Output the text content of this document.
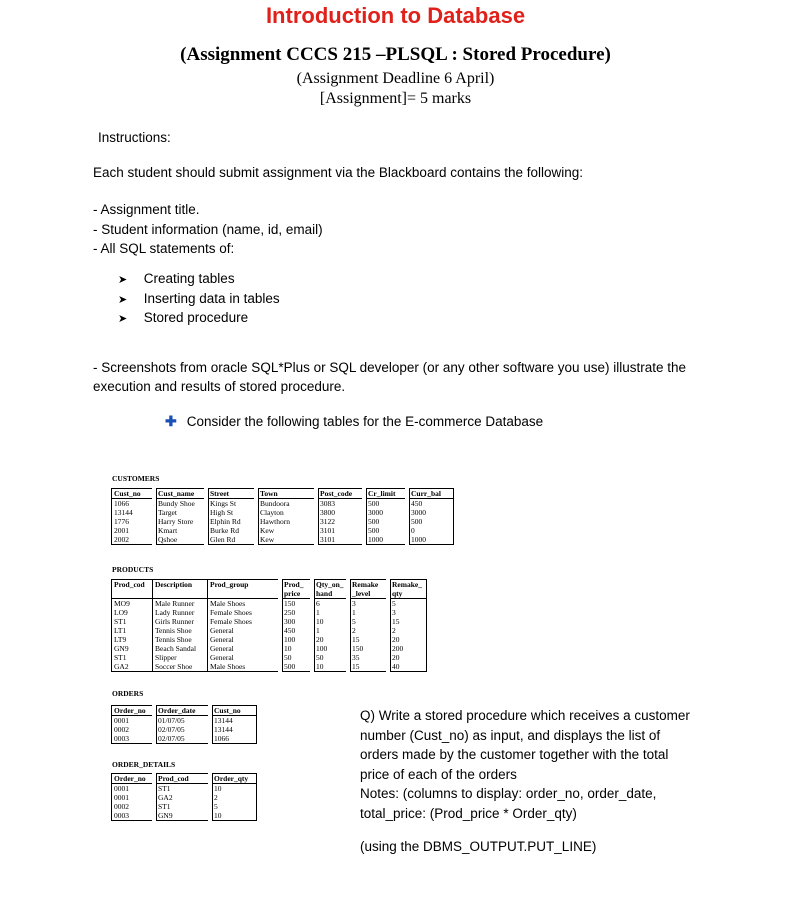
Introduction to Database
(Assignment CCCS 215 –PLSQL : Stored Procedure)
(Assignment Deadline 6 April)
[Assignment]= 5 marks
Instructions:
Each student should submit assignment via the Blackboard contains the following:
- Assignment title.
- Student information (name, id, email)
- All SQL statements of:
➤ Creating tables
➤ Inserting data in tables
➤ Stored procedure
- Screenshots from oracle SQL*Plus or SQL developer (or any other software you use) illustrate the
execution and results of stored procedure.
✚ Consider the following tables for the E-commerce Database
CUSTOMERS
Cust_no	Cust_name	Street	Town	Post_code	Cr_limit	Curr_bal
1066	Bundy Shoe	Kings St	Bundoora	3083	500	450
13144	Target	High St	Clayton	3800	3000	3000
1776	Harry Store	Elphin Rd	Hawthorn	3122	500	500
2001	Kmart	Burke Rd	Kew	3101	500	0
2002	Qshoe	Glen Rd	Kew	3101	1000	1000
PRODUCTS
Prod_cod	Description	Prod_group	Prod_ price	Qty_on_ hand	Remake _level	Remake_ qty
MO9	Male Runner	Male Shoes	150	6	3	5
LO9	Lady Runner	Female Shoes	250	1	1	3
ST1	Girls Runner	Female Shoes	300	10	5	15
LT1	Tennis Shoe	General	450	1	2	2
LT9	Tennis Shoe	General	100	20	15	20
GN9	Beach Sandal	General	10	100	150	200
ST1	Slipper	General	50	50	35	20
GA2	Soccer Shoe	Male Shoes	500	10	15	40
ORDERS
Order_no	Order_date	Cust_no
0001	01/07/05	13144
0002	02/07/05	13144
0003	02/07/05	1066
ORDER_DETAILS
Order_no	Prod_cod	Order_qty
0001	ST1	10
0001	GA2	2
0002	ST1	5
0003	GN9	10

Q) Write a stored procedure which receives a customer

number (Cust_no) as input, and displays the list of

orders made by the customer together with the total

price of each of the orders

Notes: (columns to display: order_no, order_date,

total_price: (Prod_price * Order_qty)

(using the DBMS_OUTPUT.PUT_LINE)
